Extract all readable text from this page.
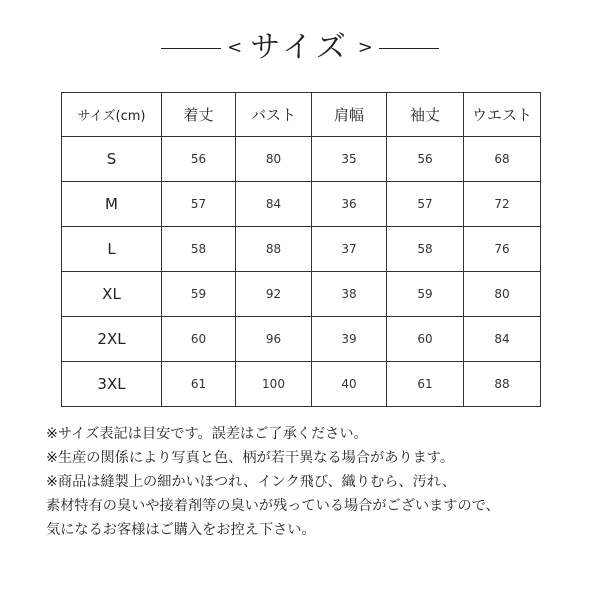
< サイズ >
サイズ(cm)	着丈	バスト	肩幅	袖丈	ウエスト
S	56	80	35	56	68
M	57	84	36	57	72
L	58	88	37	58	76
XL	59	92	38	59	80
2XL	60	96	39	60	84
3XL	61	100	40	61	88
※サイズ表記は目安です。誤差はご了承ください。
※生産の関係により写真と色、柄が若干異なる場合があります。
※商品は縫製上の細かいほつれ、インク飛び、織りむら、汚れ、
素材特有の臭いや接着剤等の臭いが残っている場合がございますので、
気になるお客様はご購入をお控え下さい。
